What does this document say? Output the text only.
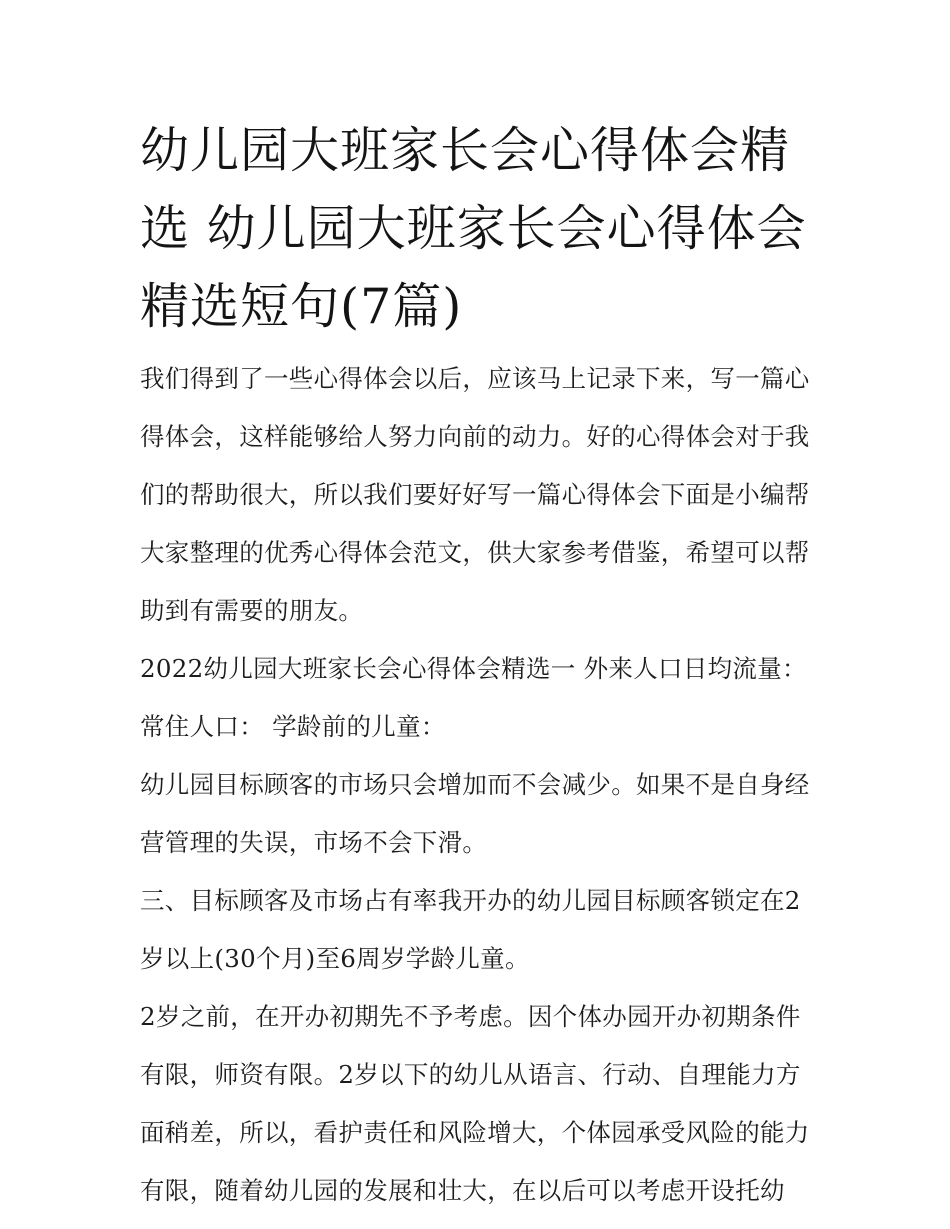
幼儿园大班家长会心得体会精选 幼儿园大班家长会心得体会精选短句(7篇)

我们得到了一些心得体会以后，应该马上记录下来，写一篇心得体会，这样能够给人努力向前的动力。好的心得体会对于我们的帮助很大，所以我们要好好写一篇心得体会下面是小编帮大家整理的优秀心得体会范文，供大家参考借鉴，希望可以帮助到有需要的朋友。

2022幼儿园大班家长会心得体会精选一 外来人口日均流量：

常住人口： 学龄前的儿童：

幼儿园目标顾客的市场只会增加而不会减少。如果不是自身经营管理的失误，市场不会下滑。

三、目标顾客及市场占有率我开办的幼儿园目标顾客锁定在2岁以上(30个月)至6周岁学龄儿童。

2岁之前，在开办初期先不予考虑。因个体办园开办初期条件有限，师资有限。2岁以下的幼儿从语言、行动、自理能力方面稍差，所以，看护责任和风险增大，个体园承受风险的能力有限，随着幼儿园的发展和壮大，在以后可以考虑开设托幼
